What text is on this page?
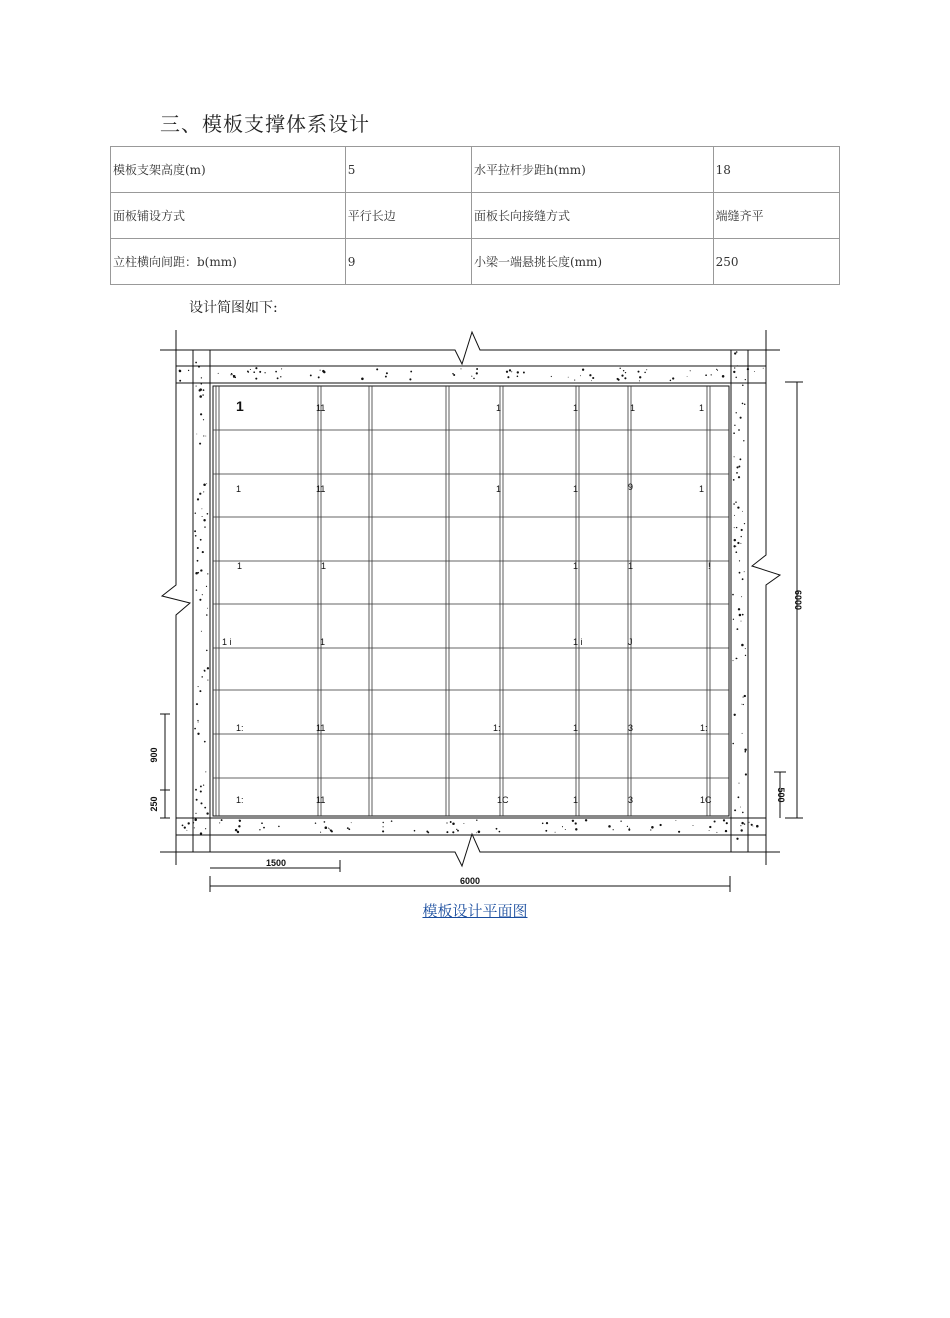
三、模板支撑体系设计
模板支架高度(m)	5	水平拉杆步距h(mm)	18
面板铺设方式	平行长边	面板长向接缝方式	端缝齐平
立柱横向间距：b(mm)	9	小梁一端悬挑长度(mm)	250
设计简图如下:
1	11	1	1	1	1
1	11	1	1	9	1
1	1	1	1	!
1 i	1	1 i	J
1:	11	1:	1	3	1:
1:	11	1C	1	3	1C
6000
1500
6000
500
900
250
模板设计平面图
